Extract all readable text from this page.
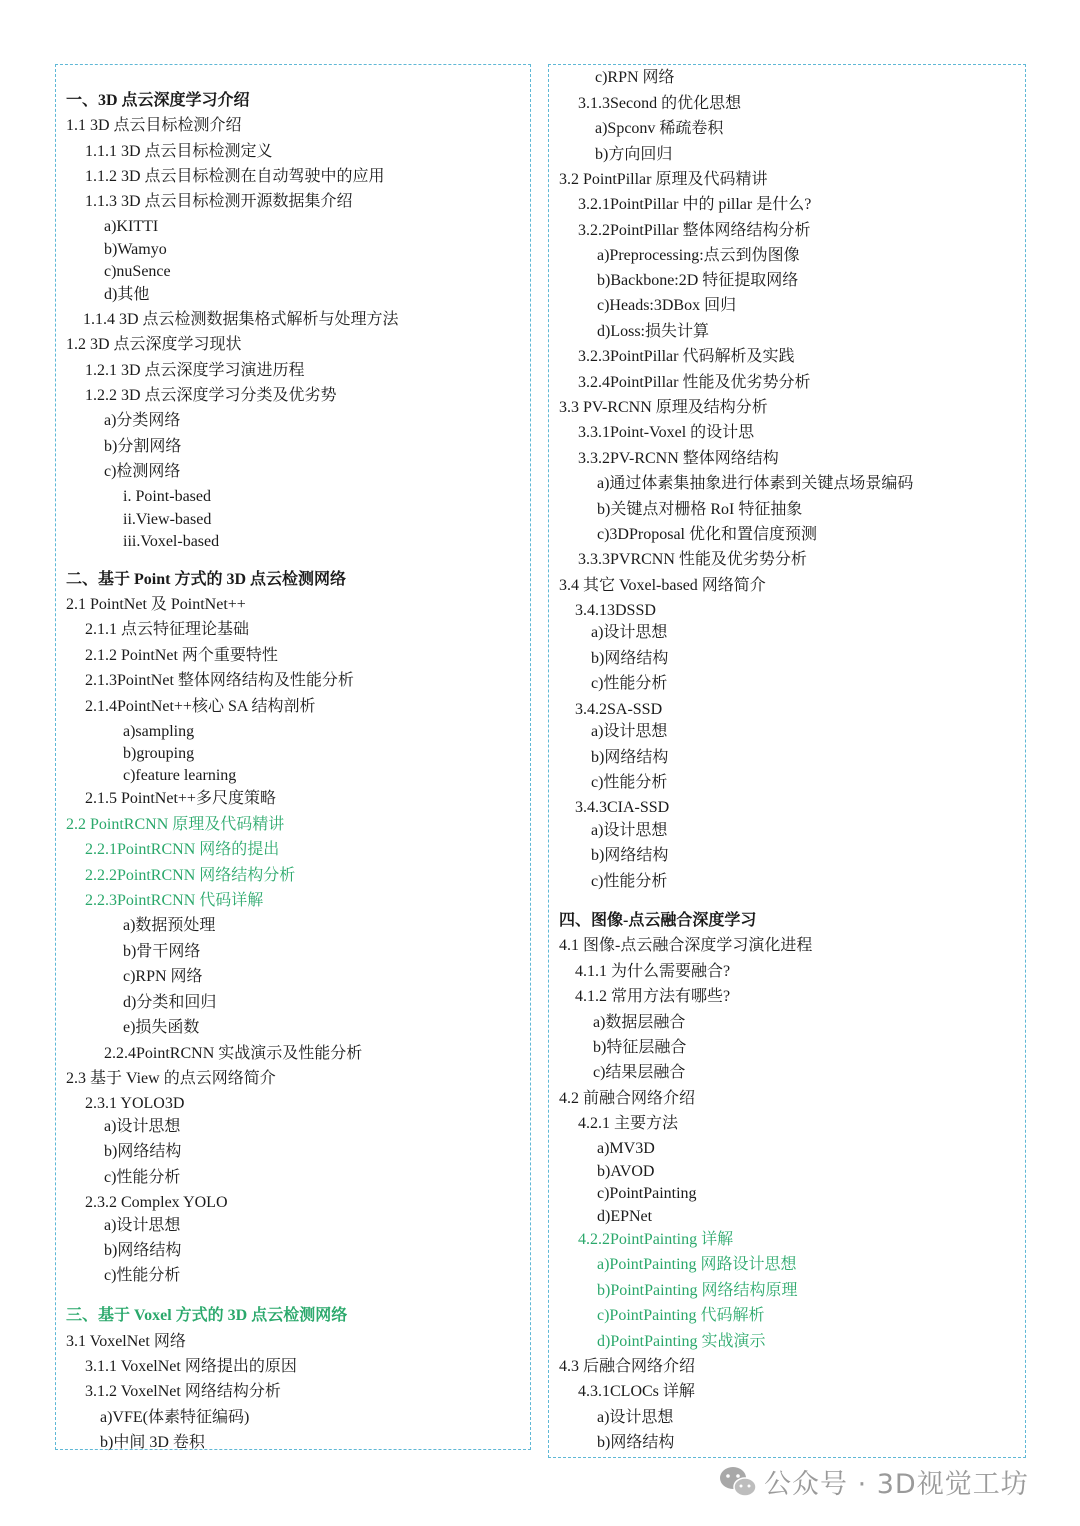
一、3D 点云深度学习介绍
1.1 3D 点云目标检测介绍
1.1.1 3D 点云目标检测定义
1.1.2 3D 点云目标检测在自动驾驶中的应用
1.1.3 3D 点云目标检测开源数据集介绍
a)KITTI
b)Wamyo
c)nuSence
d)其他
1.1.4 3D 点云检测数据集格式解析与处理方法
1.2 3D 点云深度学习现状
1.2.1 3D 点云深度学习演进历程
1.2.2 3D 点云深度学习分类及优劣势
a)分类网络
b)分割网络
c)检测网络
i. Point-based
ii.View-based
iii.Voxel-based
二、基于 Point 方式的 3D 点云检测网络
2.1 PointNet 及 PointNet++
2.1.1 点云特征理论基础
2.1.2 PointNet 两个重要特性
2.1.3PointNet 整体网络结构及性能分析
2.1.4PointNet++核心 SA 结构剖析
a)sampling
b)grouping
c)feature learning
2.1.5 PointNet++多尺度策略
2.2 PointRCNN 原理及代码精讲
2.2.1PointRCNN 网络的提出
2.2.2PointRCNN 网络结构分析
2.2.3PointRCNN 代码详解
a)数据预处理
b)骨干网络
c)RPN 网络
d)分类和回归
e)损失函数
2.2.4PointRCNN 实战演示及性能分析
2.3 基于 View 的点云网络简介
2.3.1 YOLO3D
a)设计思想
b)网络结构
c)性能分析
2.3.2 Complex YOLO
a)设计思想
b)网络结构
c)性能分析
三、基于 Voxel 方式的 3D 点云检测网络
3.1 VoxelNet 网络
3.1.1 VoxelNet 网络提出的原因
3.1.2 VoxelNet 网络结构分析
a)VFE(体素特征编码)
b)中间 3D 卷积
c)RPN 网络
3.1.3Second 的优化思想
a)Spconv 稀疏卷积
b)方向回归
3.2 PointPillar 原理及代码精讲
3.2.1PointPillar 中的 pillar 是什么?
3.2.2PointPillar 整体网络结构分析
a)Preprocessing:点云到伪图像
b)Backbone:2D 特征提取网络
c)Heads:3DBox 回归
d)Loss:损失计算
3.2.3PointPillar 代码解析及实践
3.2.4PointPillar 性能及优劣势分析
3.3 PV-RCNN 原理及结构分析
3.3.1Point-Voxel 的设计思
3.3.2PV-RCNN 整体网络结构
a)通过体素集抽象进行体素到关键点场景编码
b)关键点对栅格 RoI 特征抽象
c)3DProposal 优化和置信度预测
3.3.3PVRCNN 性能及优劣势分析
3.4 其它 Voxel-based 网络简介
3.4.13DSSD
a)设计思想
b)网络结构
c)性能分析
3.4.2SA-SSD
a)设计思想
b)网络结构
c)性能分析
3.4.3CIA-SSD
a)设计思想
b)网络结构
c)性能分析
四、图像-点云融合深度学习
4.1 图像-点云融合深度学习演化进程
4.1.1 为什么需要融合?
4.1.2 常用方法有哪些?
a)数据层融合
b)特征层融合
c)结果层融合
4.2 前融合网络介绍
4.2.1 主要方法
a)MV3D
b)AVOD
c)PointPainting
d)EPNet
4.2.2PointPainting 详解
a)PointPainting 网路设计思想
b)PointPainting 网络结构原理
c)PointPainting 代码解析
d)PointPainting 实战演示
4.3 后融合网络介绍
4.3.1CLOCs 详解
a)设计思想
b)网络结构
公众号 · 3D视觉工坊
